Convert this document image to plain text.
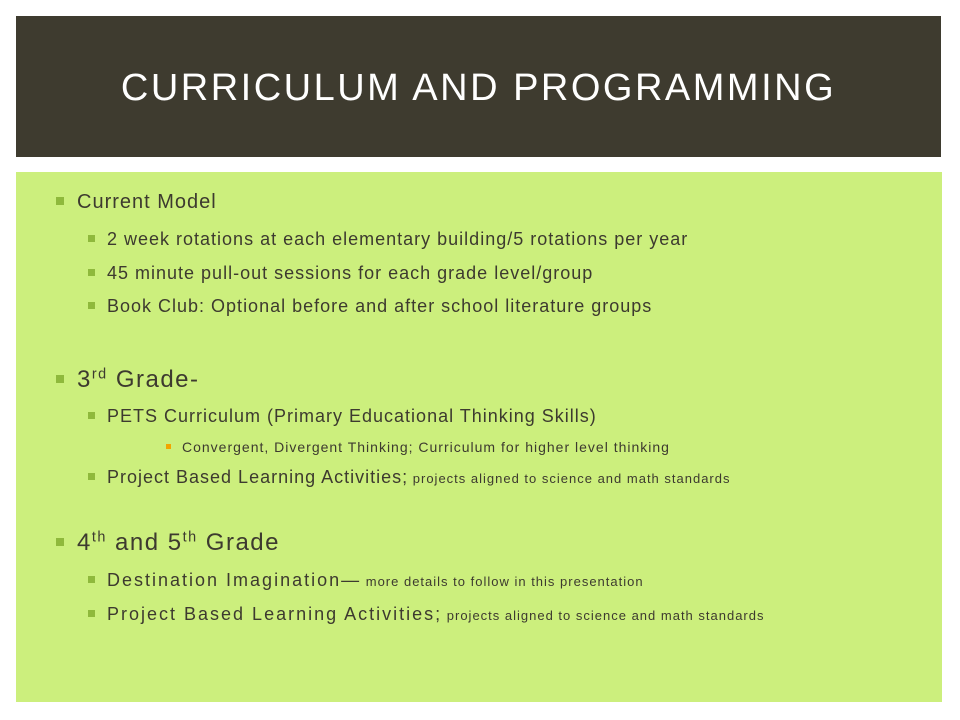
CURRICULUM AND PROGRAMMING
Current Model
2 week rotations at each elementary building/5 rotations per year
45 minute pull-out sessions for each grade level/group
Book Club: Optional before and after school literature groups
3rd Grade-
PETS Curriculum (Primary Educational Thinking Skills)
Convergent, Divergent Thinking; Curriculum for higher level thinking
Project Based Learning Activities; projects aligned to science and math standards
4th and 5th Grade
Destination Imagination— more details to follow in this presentation
Project Based Learning Activities; projects aligned to science and math standards
